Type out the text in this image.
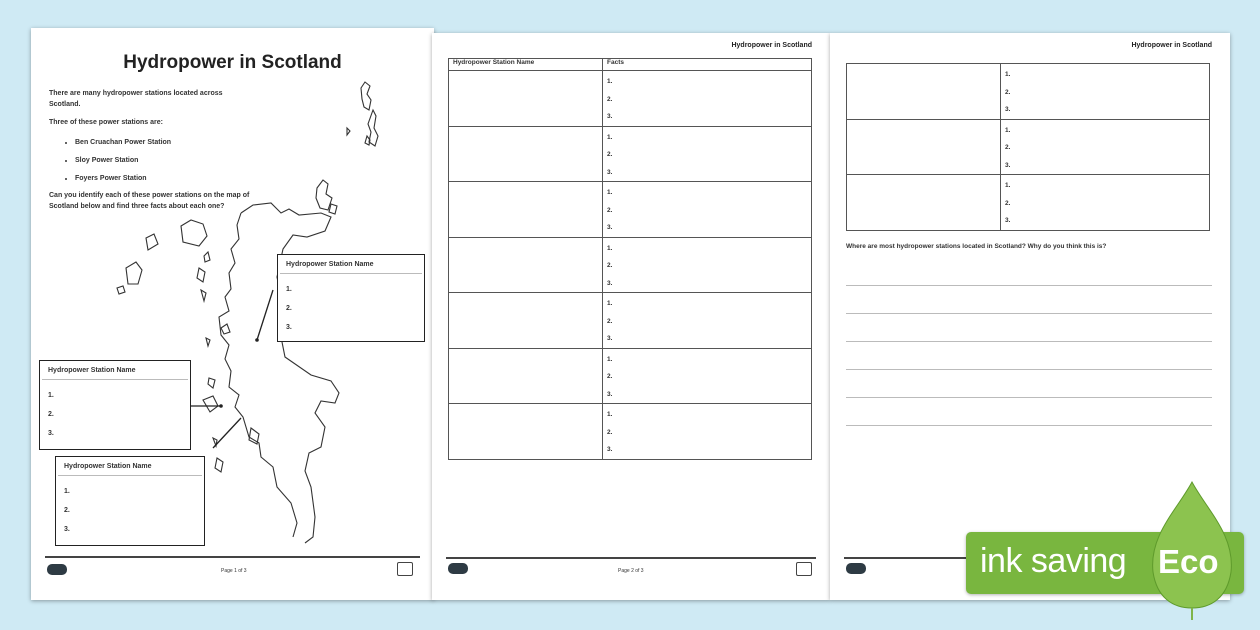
Hydropower in Scotland
There are many hydropower stations located across Scotland.
Three of these power stations are:
• Ben Cruachan Power Station
• Sloy Power Station
• Foyers Power Station
Can you identify each of these power stations on the map of Scotland below and find three facts about each one?
Hydropower Station Name
1.
2.
3.
Hydropower Station Name
1.
2.
3.
Hydropower Station Name
1.
2.
3.
Page 1 of 3
Hydropower in Scotland
Hydropower Station Name	Facts

	1.
2.
3.

	1.
2.
3.

	1.
2.
3.

	1.
2.
3.

	1.
2.
3.

	1.
2.
3.

	1.
2.
3.
Page 2 of 3
Hydropower in Scotland

	1.
2.
3.

	1.
2.
3.

	1.
2.
3.
Where are most hydropower stations located in Scotland? Why do you think this is?
ink saving Eco
